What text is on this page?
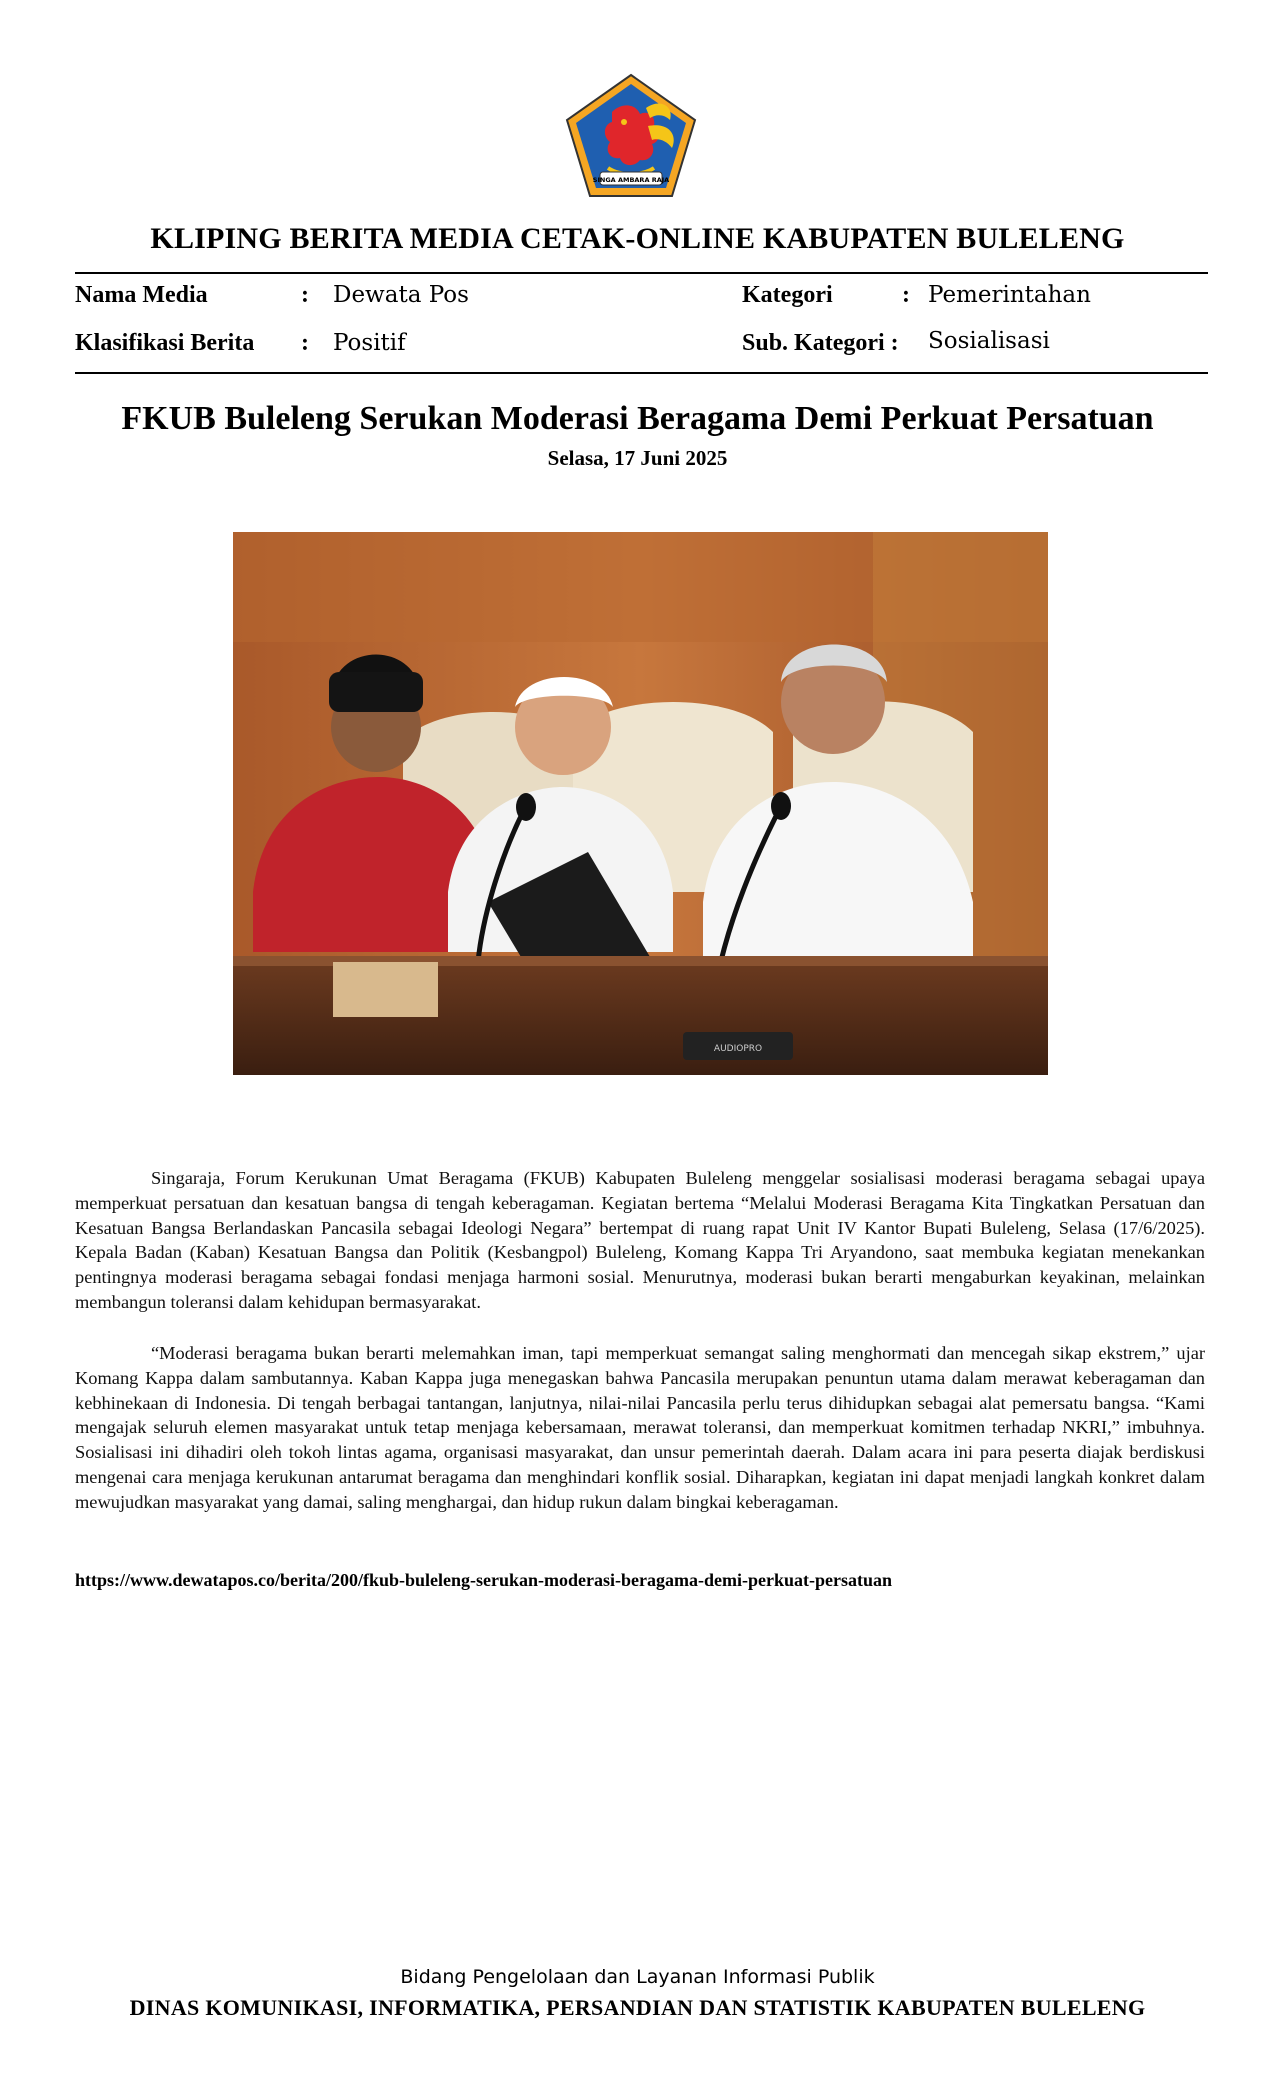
SINGA AMBARA RAJA
KLIPING BERITA MEDIA CETAK-ONLINE KABUPATEN BULELENG
Nama Media	: Dewata Pos	Kategori	: Pemerintahan
Klasifikasi Berita : Positif	Sub. Kategori : Sosialisasi
FKUB Buleleng Serukan Moderasi Beragama Demi Perkuat Persatuan
Selasa, 17 Juni 2025
AUDIOPRO

Singaraja, Forum Kerukunan Umat Beragama (FKUB) Kabupaten Buleleng menggelar sosialisasi moderasi beragama sebagai upaya memperkuat persatuan dan kesatuan bangsa di tengah keberagaman. Kegiatan bertema “Melalui Moderasi Beragama Kita Tingkatkan Persatuan dan Kesatuan Bangsa Berlandaskan Pancasila sebagai Ideologi Negara” bertempat di ruang rapat Unit IV Kantor Bupati Buleleng, Selasa (17/6/2025). Kepala Badan (Kaban) Kesatuan Bangsa dan Politik (Kesbangpol) Buleleng, Komang Kappa Tri Aryandono, saat membuka kegiatan menekankan pentingnya moderasi beragama sebagai fondasi menjaga harmoni sosial. Menurutnya, moderasi bukan berarti mengaburkan keyakinan, melainkan membangun toleransi dalam kehidupan bermasyarakat.

“Moderasi beragama bukan berarti melemahkan iman, tapi memperkuat semangat saling menghormati dan mencegah sikap ekstrem,” ujar Komang Kappa dalam sambutannya. Kaban Kappa juga menegaskan bahwa Pancasila merupakan penuntun utama dalam merawat keberagaman dan kebhinekaan di Indonesia. Di tengah berbagai tantangan, lanjutnya, nilai-nilai Pancasila perlu terus dihidupkan sebagai alat pemersatu bangsa. “Kami mengajak seluruh elemen masyarakat untuk tetap menjaga kebersamaan, merawat toleransi, dan memperkuat komitmen terhadap NKRI,” imbuhnya. Sosialisasi ini dihadiri oleh tokoh lintas agama, organisasi masyarakat, dan unsur pemerintah daerah. Dalam acara ini para peserta diajak berdiskusi mengenai cara menjaga kerukunan antarumat beragama dan menghindari konflik sosial. Diharapkan, kegiatan ini dapat menjadi langkah konkret dalam mewujudkan masyarakat yang damai, saling menghargai, dan hidup rukun dalam bingkai keberagaman.

https://www.dewatapos.co/berita/200/fkub-buleleng-serukan-moderasi-beragama-demi-perkuat-persatuan
Bidang Pengelolaan dan Layanan Informasi Publik
DINAS KOMUNIKASI, INFORMATIKA, PERSANDIAN DAN STATISTIK KABUPATEN BULELENG
